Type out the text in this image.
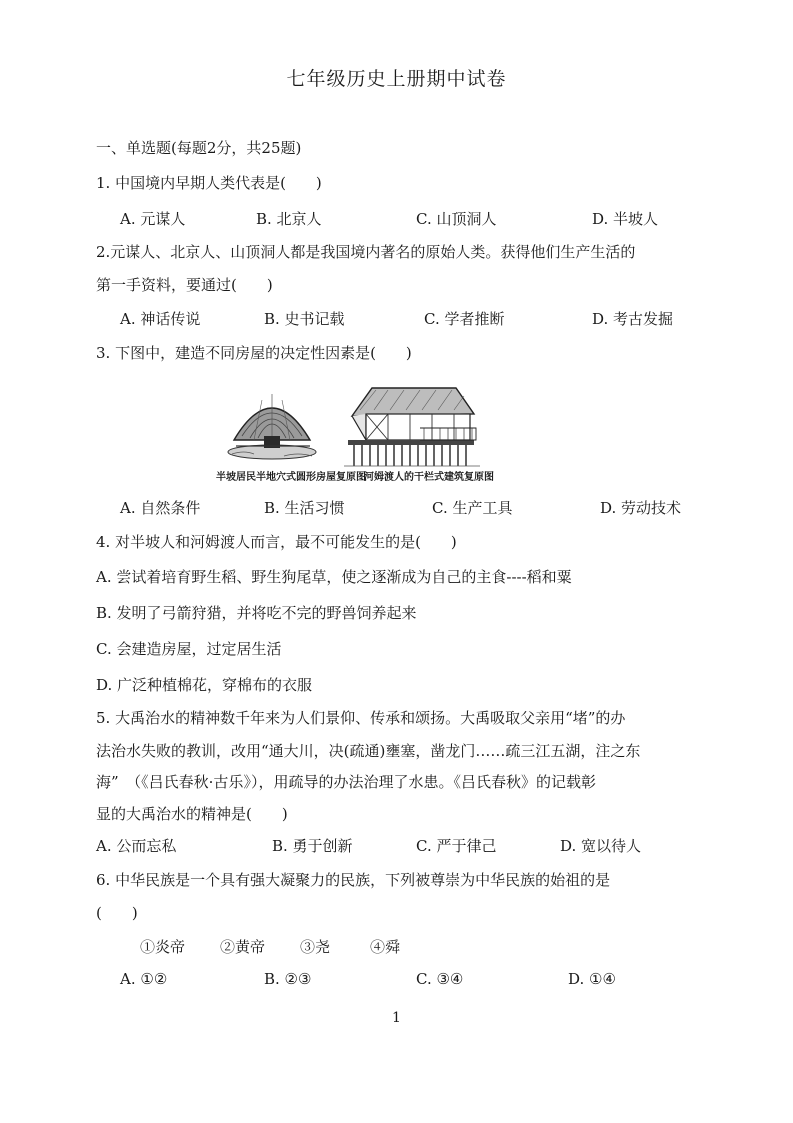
七年级历史上册期中试卷
一、单选题(每题2分，共25题)
1. 中国境内早期人类代表是(　　)
A. 元谋人	B. 北京人	C. 山顶洞人	D. 半坡人
2.元谋人、北京人、山顶洞人都是我国境内著名的原始人类。获得他们生产生活的
第一手资料，要通过(　　)
A. 神话传说	B. 史书记载	C. 学者推断	D. 考古发掘
3. 下图中，建造不同房屋的决定性因素是(　　)
半坡居民半地穴式圆形房屋复原图
河姆渡人的干栏式建筑复原图
A. 自然条件	B. 生活习惯	C. 生产工具	D. 劳动技术
4. 对半坡人和河姆渡人而言，最不可能发生的是(　　)
A. 尝试着培育野生稻、野生狗尾草，使之逐渐成为自己的主食----稻和粟
B. 发明了弓箭狩猎，并将吃不完的野兽饲养起来
C. 会建造房屋，过定居生活
D. 广泛种植棉花，穿棉布的衣服
5. 大禹治水的精神数千年来为人们景仰、传承和颂扬。大禹吸取父亲用“堵”的办
法治水失败的教训，改用“通大川，决(疏通)壅塞，凿龙门……疏三江五湖，注之东
海”　（《吕氏春秋·古乐》），用疏导的办法治理了水患。《吕氏春秋》的记载彰
显的大禹治水的精神是(　　)
A. 公而忘私	B. 勇于创新	C. 严于律己	D. 宽以待人
6. 中华民族是一个具有强大凝聚力的民族，下列被尊崇为中华民族的始祖的是
(　　)
①炎帝 ②黄帝 ③尧	④舜
A. ①②	B. ②③	C. ③④	D. ①④
1
